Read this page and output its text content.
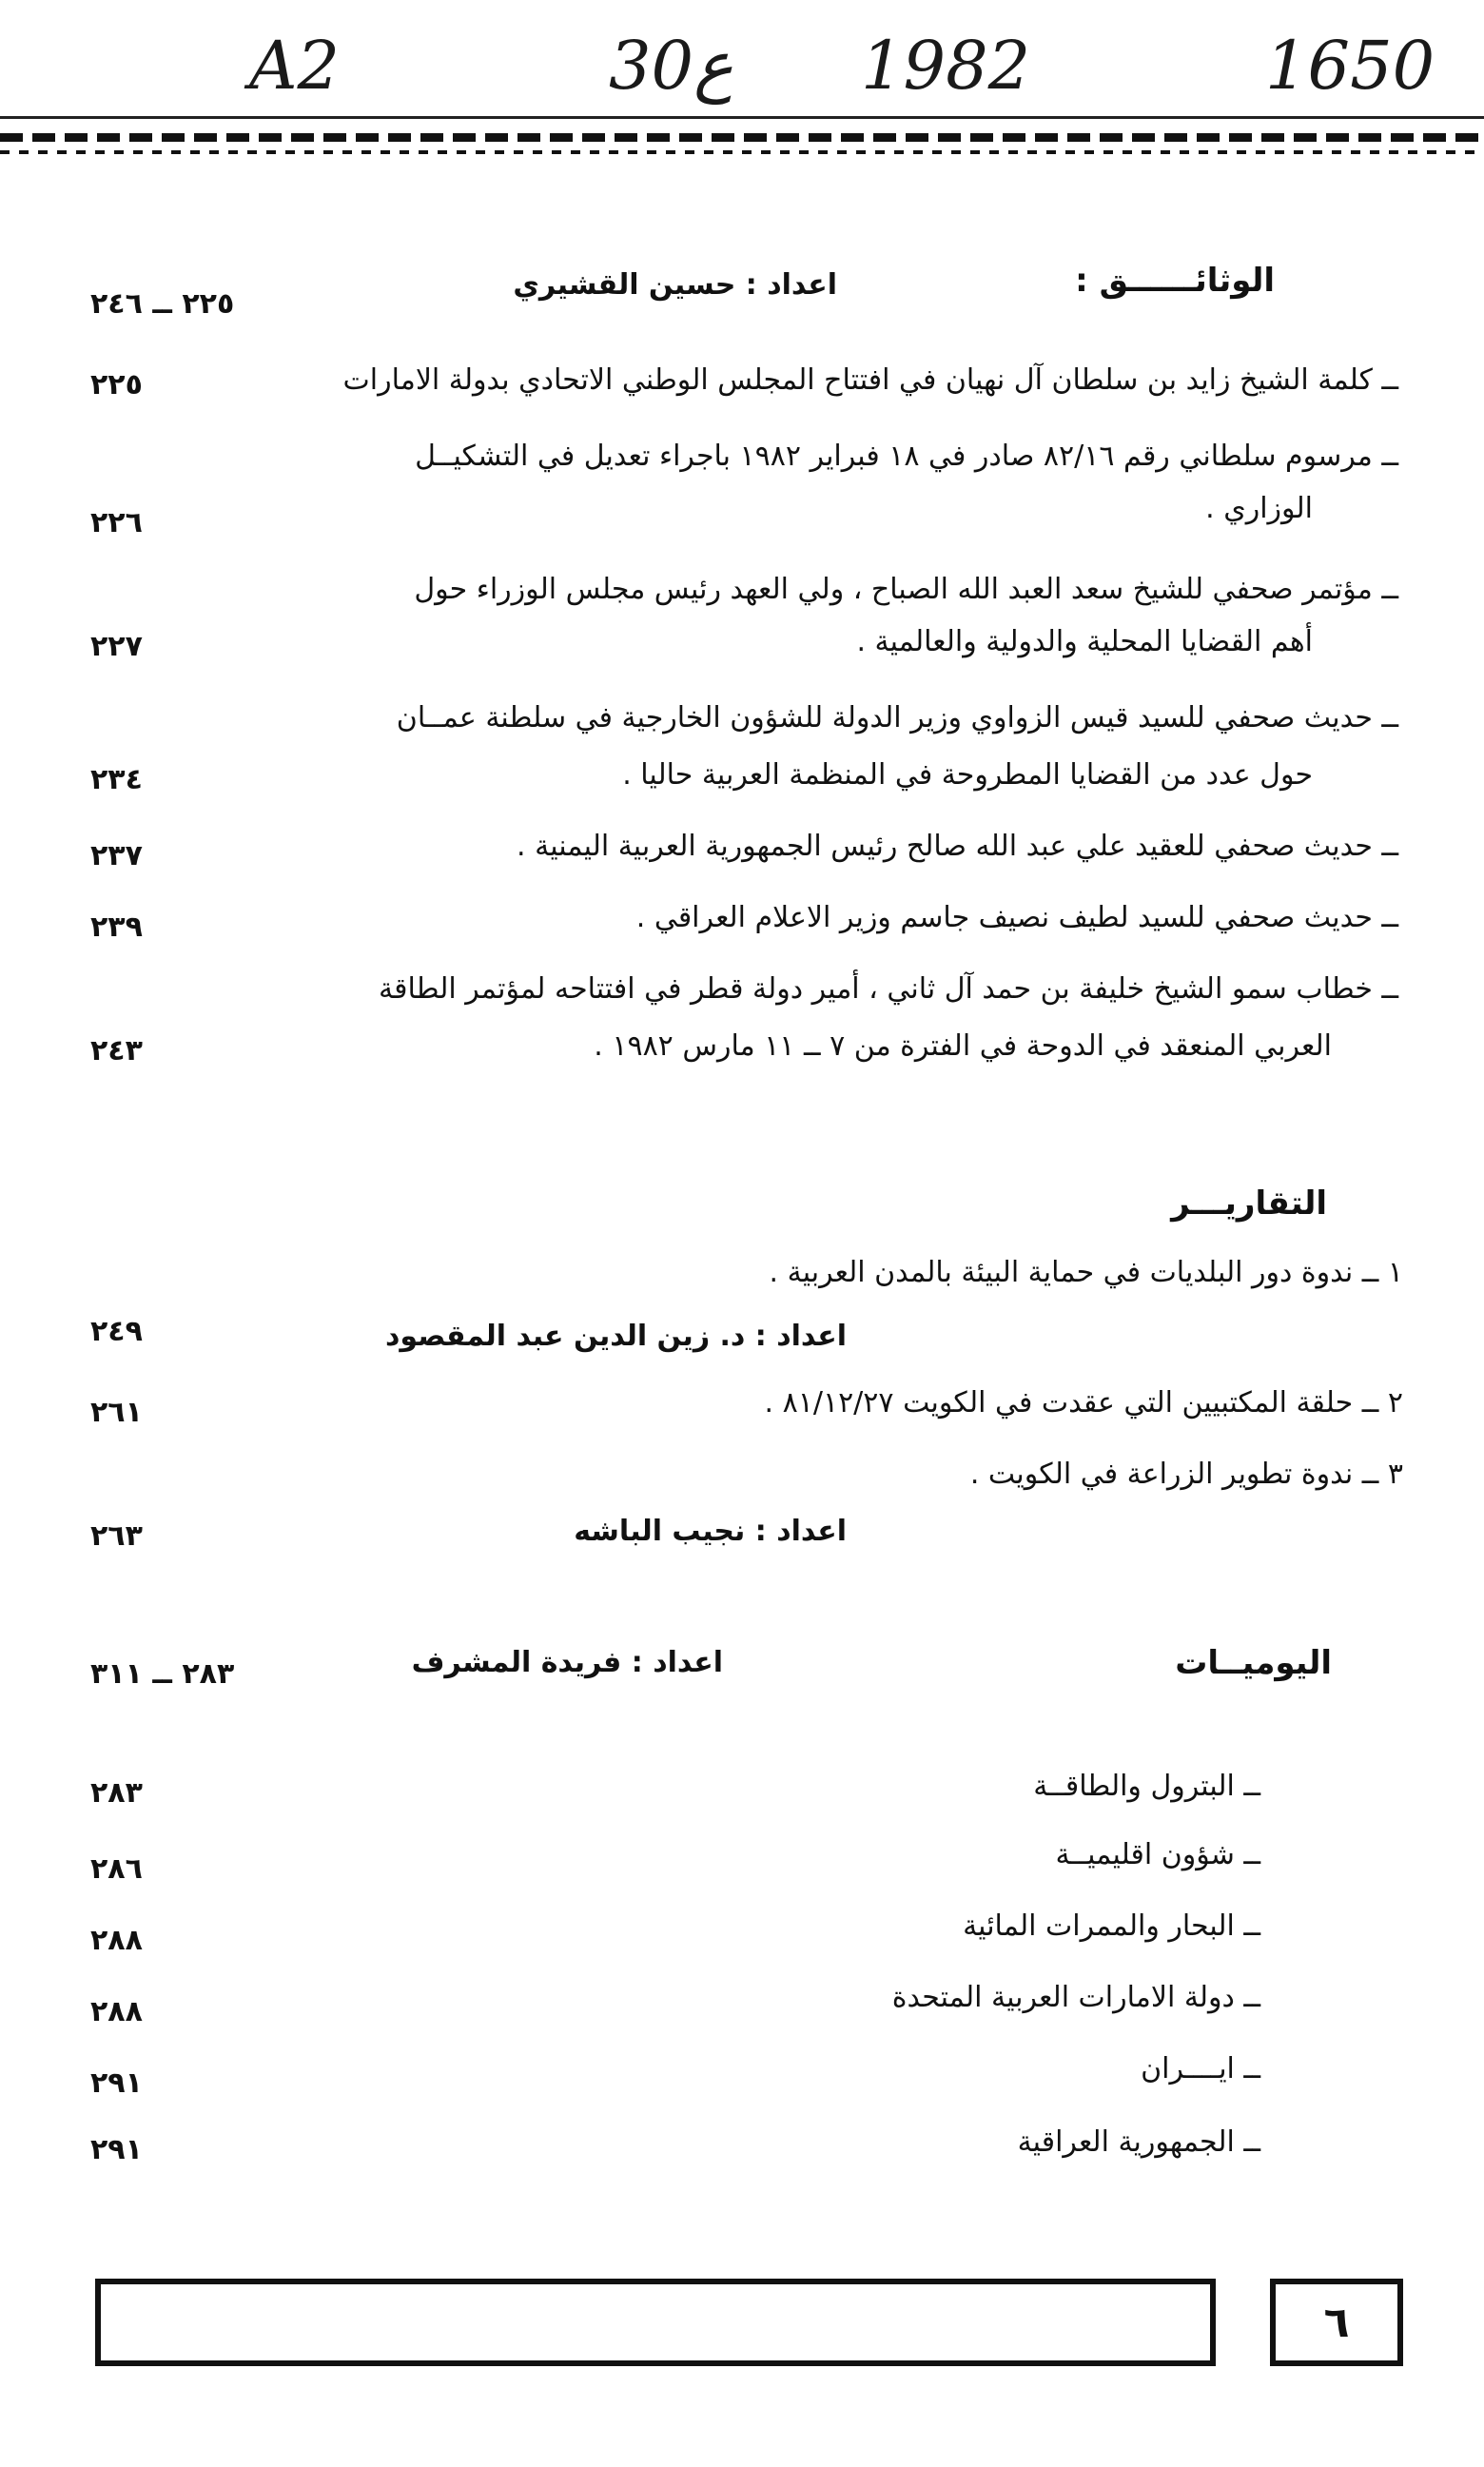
A2	30ع 1982	1650
الوثائــــــق :
اعداد : حسين القشيري
٢٢٥ ــ ٢٤٦
ــ كلمة الشيخ زايد بن سلطان آل نهيان في افتتاح المجلس الوطني الاتحادي بدولة الامارات
٢٢٥
ــ مرسوم سلطاني رقم ٨٢/١٦ صادر في ١٨ فبراير ١٩٨٢ باجراء تعديل في التشكيــل
الوزاري .
٢٢٦
ــ مؤتمر صحفي للشيخ سعد العبد الله الصباح ، ولي العهد رئيس مجلس الوزراء حول
أهم القضايا المحلية والدولية والعالمية .
٢٢٧
ــ حديث صحفي للسيد قيس الزواوي وزير الدولة للشؤون الخارجية في سلطنة عمــان
حول عدد من القضايا المطروحة في المنظمة العربية حاليا .
٢٣٤
ــ حديث صحفي للعقيد علي عبد الله صالح رئيس الجمهورية العربية اليمنية .
٢٣٧
ــ حديث صحفي للسيد لطيف نصيف جاسم وزير الاعلام العراقي .
٢٣٩
ــ خطاب سمو الشيخ خليفة بن حمد آل ثاني ، أمير دولة قطر في افتتاحه لمؤتمر الطاقة
العربي المنعقد في الدوحة في الفترة من ٧ ــ ١١ مارس ١٩٨٢ .
٢٤٣
التقاريـــر
١ ــ ندوة دور البلديات في حماية البيئة بالمدن العربية .
اعداد : د. زين الدين عبد المقصود
٢٤٩
٢ ــ حلقة المكتبيين التي عقدت في الكويت ٨١/١٢/٢٧ .
٢٦١
٣ ــ ندوة تطوير الزراعة في الكويت .
اعداد : نجيب الباشه
٢٦٣
اليوميــات
اعداد : فريدة المشرف
٢٨٣ ــ ٣١١
ــ البترول والطاقــة
٢٨٣
ــ شؤون اقليميــة
٢٨٦
ــ البحار والممرات المائية
٢٨٨
ــ دولة الامارات العربية المتحدة
٢٨٨
ــ ايــــران
٢٩١
ــ الجمهورية العراقية
٢٩١
٦
